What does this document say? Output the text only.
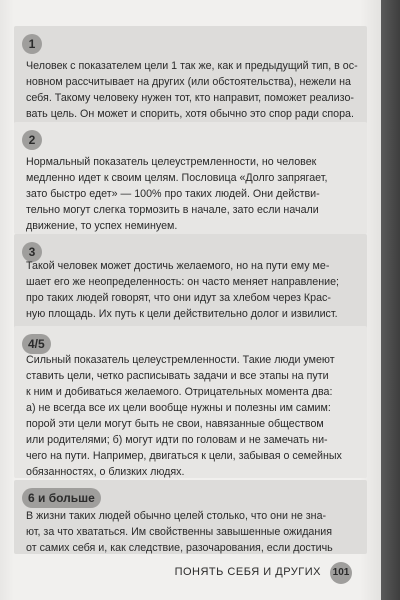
1
Человек с показателем цели 1 так же, как и предыдущий тип, в ос-
новном рассчитывает на других (или обстоятельства), нежели на
себя. Такому человеку нужен тот, кто направит, поможет реализо-
вать цель. Он может и спорить, хотя обычно это спор ради спора.
2
Нормальный показатель целеустремленности, но человек
медленно идет к своим целям. Пословица «Долго запрягает,
зато быстро едет» — 100% про таких людей. Они действи-
тельно могут слегка тормозить в начале, зато если начали
движение, то успех неминуем.
3
Такой человек может достичь желаемого, но на пути ему ме-
шает его же неопределенность: он часто меняет направление;
про таких людей говорят, что они идут за хлебом через Крас-
ную площадь. Их путь к цели действительно долог и извилист.
4/5
Сильный показатель целеустремленности. Такие люди умеют
ставить цели, четко расписывать задачи и все этапы на пути
к ним и добиваться желаемого. Отрицательных момента два:
а) не всегда все их цели вообще нужны и полезны им самим:
порой эти цели могут быть не свои, навязанные обществом
или родителями; б) могут идти по головам и не замечать ни-
чего на пути. Например, двигаться к цели, забывая о семейных
обязанностях, о близких людях.
6 и больше
В жизни таких людей обычно целей столько, что они не зна-
ют, за что хвататься. Им свойственны завышенные ожидания
от самих себя и, как следствие, разочарования, если достичь
ПОНЯТЬ СЕБЯ И ДРУГИХ 101
